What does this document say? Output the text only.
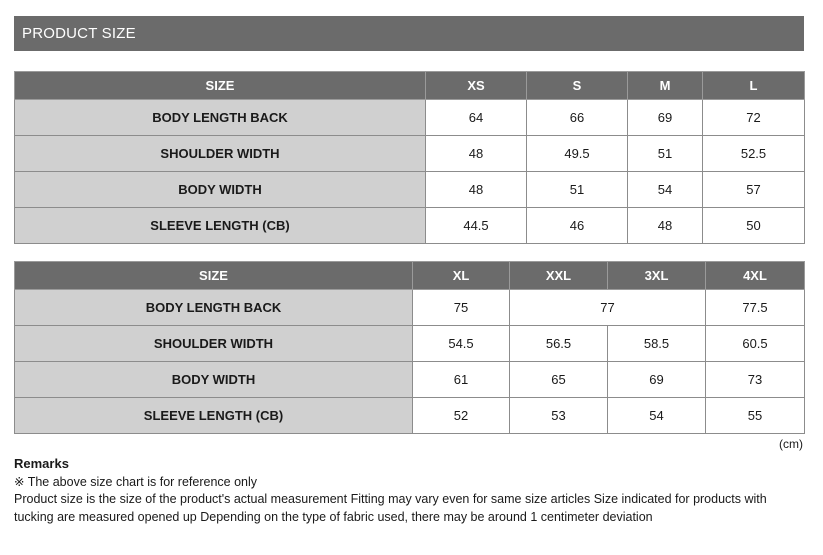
PRODUCT SIZE
SIZE	XS	S	M	L
BODY LENGTH BACK	64	66	69	72
SHOULDER WIDTH	48	49.5	51	52.5
BODY WIDTH	48	51	54	57
SLEEVE LENGTH (CB)	44.5	46	48	50
SIZE	XL	XXL	3XL	4XL
BODY LENGTH BACK	75	77		77.5
SHOULDER WIDTH	54.5	56.5	58.5	60.5
BODY WIDTH	61	65	69	73
SLEEVE LENGTH (CB)	52	53	54	55
(cm)
Remarks
※ The above size chart is for reference only
Product size is the size of the product's actual measurement Fitting may vary even for same size articles Size indicated for products with tucking are measured opened up Depending on the type of fabric used, there may be around 1 centimeter deviation
